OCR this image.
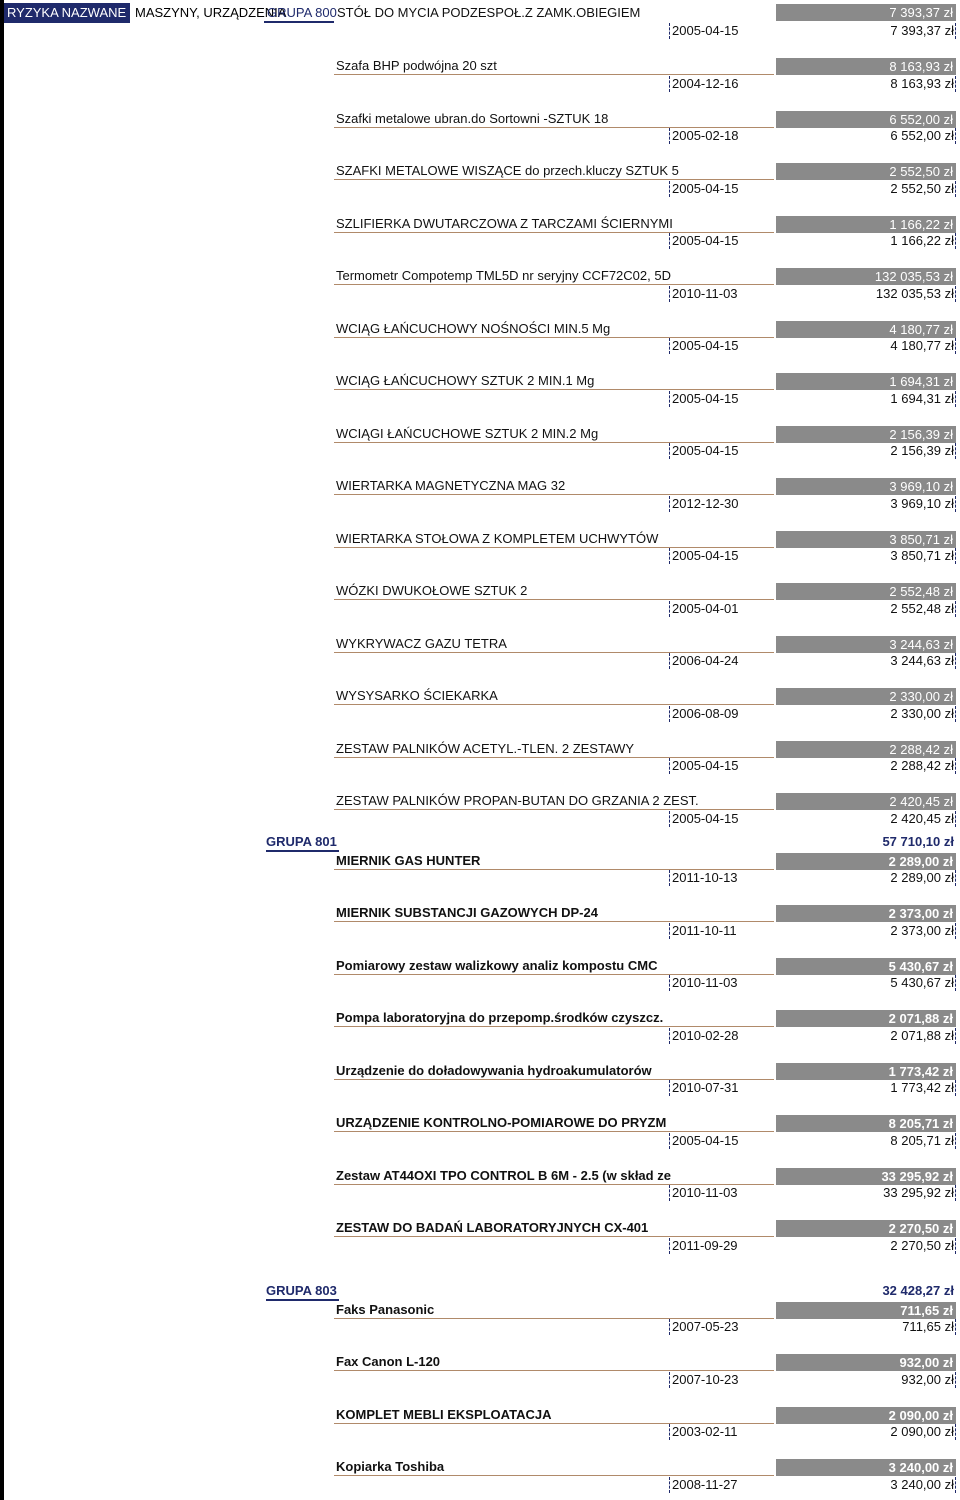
RYZYKA NAZWANE MASZYNY, URZĄDZENIA
GRUPA 800 STÓŁ DO MYCIA PODZESPOŁ.Z ZAMK.OBIEGIEM	7 393,37 zł
2005-04-15	7 393,37 zł
Szafa BHP podwójna 20 szt	8 163,93 zł
2004-12-16	8 163,93 zł
Szafki metalowe ubran.do Sortowni -SZTUK 18	6 552,00 zł
2005-02-18	6 552,00 zł
SZAFKI METALOWE WISZĄCE do przech.kluczy SZTUK 5	2 552,50 zł
2005-04-15	2 552,50 zł
SZLIFIERKA DWUTARCZOWA Z TARCZAMI ŚCIERNYMI	1 166,22 zł
2005-04-15	1 166,22 zł
Termometr Compotemp TML5D nr seryjny CCF72C02, 5D	132 035,53 zł
2010-11-03	132 035,53 zł
WCIĄG ŁAŃCUCHOWY NOŚNOŚCI MIN.5 Mg	4 180,77 zł
2005-04-15	4 180,77 zł
WCIĄG ŁAŃCUCHOWY SZTUK 2 MIN.1 Mg	1 694,31 zł
2005-04-15	1 694,31 zł
WCIĄGI ŁAŃCUCHOWE SZTUK 2 MIN.2 Mg	2 156,39 zł
2005-04-15	2 156,39 zł
WIERTARKA MAGNETYCZNA MAG 32	3 969,10 zł
2012-12-30	3 969,10 zł
WIERTARKA STOŁOWA Z KOMPLETEM UCHWYTÓW	3 850,71 zł
2005-04-15	3 850,71 zł
WÓZKI DWUKOŁOWE SZTUK 2	2 552,48 zł
2005-04-01	2 552,48 zł
WYKRYWACZ GAZU TETRA	3 244,63 zł
2006-04-24	3 244,63 zł
WYSYSARKO ŚCIEKARKA	2 330,00 zł
2006-08-09	2 330,00 zł
ZESTAW PALNIKÓW ACETYL.-TLEN. 2 ZESTAWY	2 288,42 zł
2005-04-15	2 288,42 zł
ZESTAW PALNIKÓW PROPAN-BUTAN DO GRZANIA 2 ZEST.	2 420,45 zł
2005-04-15	2 420,45 zł
GRUPA 801	57 710,10 zł
MIERNIK GAS HUNTER	2 289,00 zł
2011-10-13	2 289,00 zł
MIERNIK SUBSTANCJI GAZOWYCH DP-24	2 373,00 zł
2011-10-11	2 373,00 zł
Pomiarowy zestaw walizkowy analiz kompostu CMC	5 430,67 zł
2010-11-03	5 430,67 zł
Pompa laboratoryjna do przepomp.środków czyszcz.	2 071,88 zł
2010-02-28	2 071,88 zł
Urządzenie do doładowywania hydroakumulatorów	1 773,42 zł
2010-07-31	1 773,42 zł
URZĄDZENIE KONTROLNO-POMIAROWE DO PRYZM	8 205,71 zł
2005-04-15	8 205,71 zł
Zestaw AT44OXI TPO CONTROL B 6M - 2.5 (w skład ze	33 295,92 zł
2010-11-03	33 295,92 zł
ZESTAW DO BADAŃ LABORATORYJNYCH CX-401	2 270,50 zł
2011-09-29	2 270,50 zł
GRUPA 803	32 428,27 zł
Faks Panasonic	711,65 zł
2007-05-23	711,65 zł
Fax Canon L-120	932,00 zł
2007-10-23	932,00 zł
KOMPLET MEBLI EKSPLOATACJA	2 090,00 zł
2003-02-11	2 090,00 zł
Kopiarka Toshiba	3 240,00 zł
2008-11-27	3 240,00 zł
